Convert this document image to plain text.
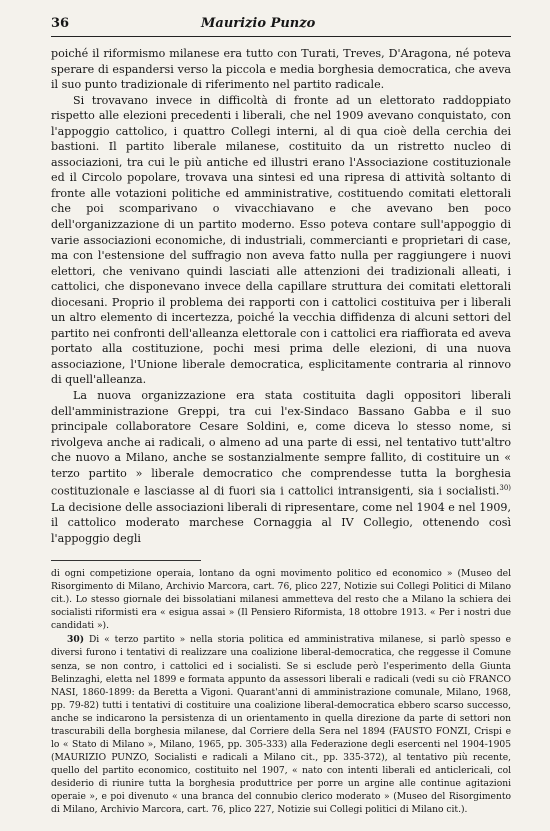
36	Maurizio Punzo

poiché il riformismo milanese era tutto con Turati, Treves, D'Aragona, né poteva sperare di espandersi verso la piccola e media borghesia democratica, che aveva il suo punto tradizionale di riferimento nel partito radicale.

Si trovavano invece in difficoltà di fronte ad un elettorato raddoppiato rispetto alle elezioni precedenti i liberali, che nel 1909 avevano conquistato, con l'appoggio cattolico, i quattro Collegi interni, al di qua cioè della cerchia dei bastioni. Il partito liberale milanese, costituito da un ristretto nucleo di associazioni, tra cui le più antiche ed illustri erano l'Associazione costituzionale ed il Circolo popolare, trovava una sintesi ed una ripresa di attività soltanto di fronte alle votazioni politiche ed amministrative, costituendo comitati elettorali che poi scomparivano o vivacchiavano e che avevano ben poco dell'organizzazione di un partito moderno. Esso poteva contare sull'appoggio di varie associazioni economiche, di industriali, commercianti e proprietari di case, ma con l'estensione del suffragio non aveva fatto nulla per raggiungere i nuovi elettori, che venivano quindi lasciati alle attenzioni dei tradizionali alleati, i cattolici, che disponevano invece della capillare struttura dei comitati elettorali diocesani. Proprio il problema dei rapporti con i cattolici costituiva per i liberali un altro elemento di incertezza, poiché la vecchia diffidenza di alcuni settori del partito nei confronti dell'alleanza elettorale con i cattolici era riaffiorata ed aveva portato alla costituzione, pochi mesi prima delle elezioni, di una nuova associazione, l'Unione liberale democratica, esplicitamente contraria al rinnovo di quell'alleanza.

La nuova organizzazione era stata costituita dagli oppositori liberali dell'amministrazione Greppi, tra cui l'ex-Sindaco Bassano Gabba e il suo principale collaboratore Cesare Soldini, e, come diceva lo stesso nome, si rivolgeva anche ai radicali, o almeno ad una parte di essi, nel tentativo tutt'altro che nuovo a Milano, anche se sostanzialmente sempre fallito, di costituire un « terzo partito » liberale democratico che comprendesse tutta la borghesia costituzionale e lasciasse al di fuori sia i cattolici intransigenti, sia i socialisti.$^{30)}$ La decisione delle associazioni liberali di ripresentare, come nel 1904 e nel 1909, il cattolico moderato marchese Cornaggia al IV Collegio, ottenendo così l'appoggio degli

di ogni competizione operaia, lontano da ogni movimento politico ed economico » (Museo del Risorgimento di Milano, Archivio Marcora, cart. 76, plico 227, Notizie sui Collegi Politici di Milano cit.). Lo stesso giornale dei bissolatiani milanesi ammetteva del resto che a Milano la schiera dei socialisti riformisti era « esigua assai » (Il Pensiero Riformista, 18 ottobre 1913. « Per i nostri due candidati »).

30) Di « terzo partito » nella storia politica ed amministrativa milanese, si parlò spesso e diversi furono i tentativi di realizzare una coalizione liberal-democratica, che reggesse il Comune senza, se non contro, i cattolici ed i socialisti. Se si esclude però l'esperimento della Giunta Belinzaghi, eletta nel 1899 e formata appunto da assessori liberali e radicali (vedi su ciò FRANCO NASI, 1860-1899: da Beretta a Vigoni. Quarant'anni di amministrazione comunale, Milano, 1968, pp. 79-82) tutti i tentativi di costituire una coalizione liberal-democratica ebbero scarso successo, anche se indicarono la persistenza di un orientamento in quella direzione da parte di settori non trascurabili della borghesia milanese, dal Corriere della Sera nel 1894 (FAUSTO FONZI, Crispi e lo « Stato di Milano », Milano, 1965, pp. 305-333) alla Federazione degli esercenti nel 1904-1905 (MAURIZIO PUNZO, Socialisti e radicali a Milano cit., pp. 335-372), al tentativo più recente, quello del partito economico, costituito nel 1907, « nato con intenti liberali ed anticlericali, col desiderio di riunire tutta la borghesia produttrice per porre un argine alle continue agitazioni operaie », e poi divenuto « una branca del connubio clerico moderato » (Museo del Risorgimento di Milano, Archivio Marcora, cart. 76, plico 227, Notizie sui Collegi politici di Milano cit.).
